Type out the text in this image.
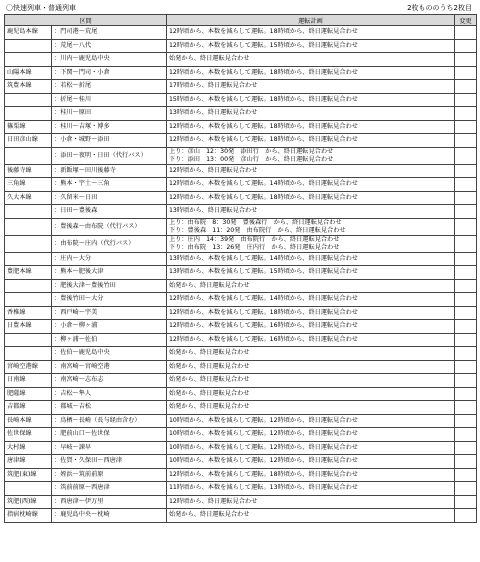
〇快速列車・普通列車	2枚もののうち2枚目
区間		運転計画	変更
鹿児島本線	：門司港～荒尾	12時頃から、本数を減らして運転。18時頃から、終日運転見合わせ	

	：荒尾～八代	12時頃から、本数を減らして運転。15時頃から、終日運転見合わせ	

	：川内～鹿児島中央	始発から、終日運転見合わせ	

山陽本線	：下関～門司・小倉	12時頃から、本数を減らして運転。18時頃から、終日運転見合わせ	

筑豊本線	：若松～折尾	17時頃から、終日運転見合わせ	

	：折尾～桂川	15時頃から、本数を減らして運転。18時頃から、終日運転見合わせ	

	：桂川～原田	13時頃から、終日運転見合わせ	

篠栗線	：桂川～吉塚・博多	12時頃から、本数を減らして運転。18時頃から、終日運転見合わせ	

日田彦山線	：小倉・城野～添田	12時頃から、本数を減らして運転。18時頃から、終日運転見合わせ	

	：添田～夜明・日田（代行バス）	上り：彦山　12：30発　添田行　から、終日運転見合わせ
下り：添田　13：00発　彦山行　から、終日運転見合わせ	

後藤寺線	：新飯塚～田川後藤寺	12時頃から、終日運転見合わせ	

三角線	：熊本・宇土～三角	12時頃から、本数を減らして運転。14時頃から、終日運転見合わせ	

久大本線	：久留米～日田	12時頃から、本数を減らして運転。18時頃から、終日運転見合わせ	

	：日田～豊後森	13時頃から、終日運転見合わせ	

	：豊後森～由布院（代行バス）	上り：由布院　8：30発　豊後森行　から、終日運転見合わせ
下り：豊後森　11：20発　由布院行　から、終日運転見合わせ	

	：由布院～庄内（代行バス）	上り：庄内　14：39発　由布院行　から、終日運転見合わせ
下り：由布院　13：26発　庄内行　から、終日運転見合わせ	

	：庄内～大分	13時頃から、本数を減らして運転。14時頃から、終日運転見合わせ	

豊肥本線	：熊本～肥後大津	13時頃から、本数を減らして運転。15時頃から、終日運転見合わせ	

	：肥後大津～豊後竹田	始発から、終日運転見合わせ	

	：豊後竹田～大分	12時頃から、本数を減らして運転。14時頃から、終日運転見合わせ	

香椎線	：西戸崎～宇美	12時頃から、本数を減らして運転。18時頃から、終日運転見合わせ	

日豊本線	：小倉～柳ヶ浦	12時頃から、本数を減らして運転。16時頃から、終日運転見合わせ	

	：柳ヶ浦～佐伯	12時頃から、本数を減らして運転。16時頃から、終日運転見合わせ	

	：佐伯～鹿児島中央	始発から、終日運転見合わせ	

宮崎空港線	：南宮崎～宮崎空港	始発から、終日運転見合わせ	

日南線	：南宮崎～志布志	始発から、終日運転見合わせ	

肥薩線	：吉松～隼人	始発から、終日運転見合わせ	

吉都線	：都城～吉松	始発から、終日運転見合わせ	

長崎本線	：鳥栖～長崎（長与経由含む）	10時頃から、本数を減らして運転。12時頃から、終日運転見合わせ	

佐世保線	：肥前山口～佐世保	10時頃から、本数を減らして運転。12時頃から、終日運転見合わせ	

大村線	：早岐～諫早	10時頃から、本数を減らして運転。12時頃から、終日運転見合わせ	

唐津線	：佐賀・久保田～西唐津	10時頃から、本数を減らして運転。12時頃から、終日運転見合わせ	

筑肥(東)線	：姪浜～筑前前原	12時頃から、本数を減らして運転。18時頃から、終日運転見合わせ	

	：筑前前原～西唐津	11時頃から、本数を減らして運転。13時頃から、終日運転見合わせ	

筑肥(西)線	：西唐津～伊万里	12時頃から、終日運転見合わせ	

指宿枕崎線	：鹿児島中央～枕崎	始発から、終日運転見合わせ	
